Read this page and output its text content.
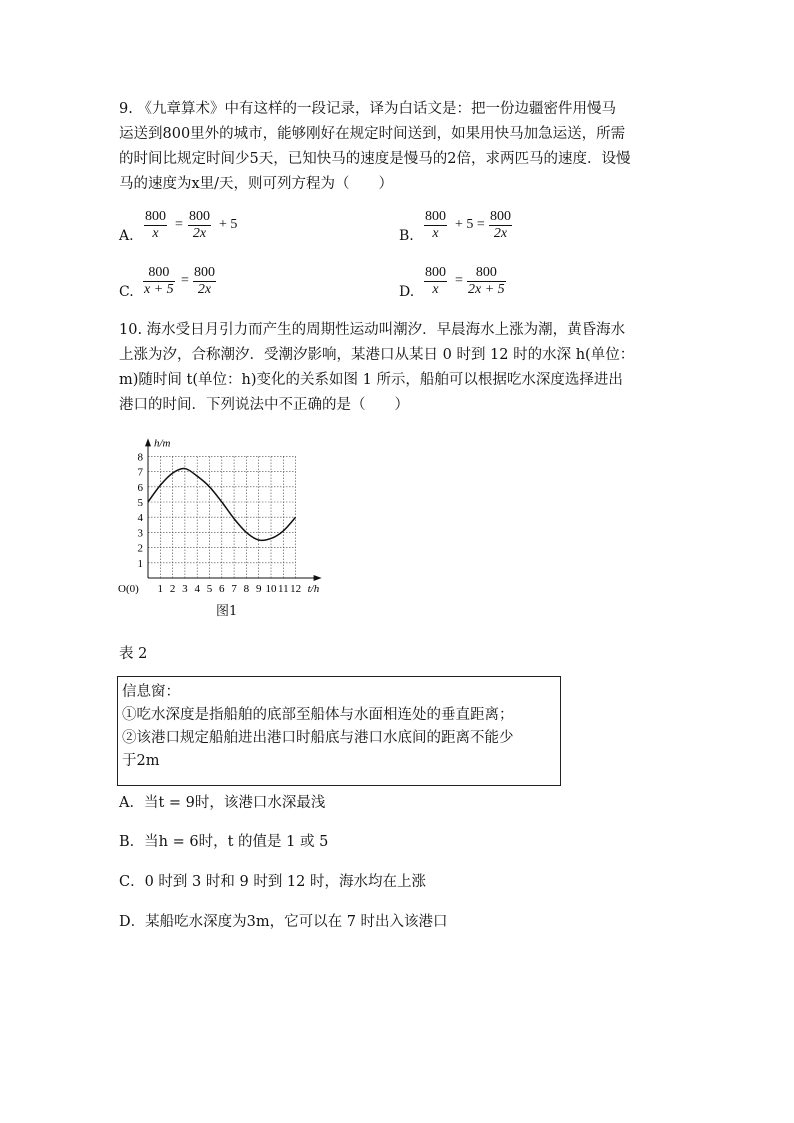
9. 《九章算术》中有这样的一段记录，译为白话文是：把一份边疆密件用慢马
运送到800里外的城市，能够刚好在规定时间送到，如果用快马加急运送，所需
的时间比规定时间少5天，已知快马的速度是慢马的2倍，求两匹马的速度．设慢
马的速度为x里/天，则可列方程为（　　）
A.
800
x
=
800
2x
+ 5
B.
800
x
+ 5 =
800
2x
C.
800
x + 5
=
800
2x	D.
800
x
=
800
2x + 5
10. 海水受日月引力而产生的周期性运动叫潮汐．早晨海水上涨为潮，黄昏海水
上涨为汐，合称潮汐．受潮汐影响，某港口从某日 0 时到 12 时的水深 h(单位：
m)随时间 t(单位：h)变化的关系如图 1 所示，船舶可以根据吃水深度选择进出
港口的时间．下列说法中不正确的是（　　）
1 2 3 4 5 6 7 8 9 10 11 12
1
2
3
4
5
6
7
8
O(0)	t/h
h/m
图1
表 2
信息窗：
①吃水深度是指船舶的底部至船体与水面相连处的垂直距离；
②该港口规定船舶进出港口时船底与港口水底间的距离不能少
于2m
A．当t = 9时，该港口水深最浅
B．当h = 6时，t 的值是 1 或 5
C．0 时到 3 时和 9 时到 12 时，海水均在上涨
D．某船吃水深度为3m，它可以在 7 时出入该港口
